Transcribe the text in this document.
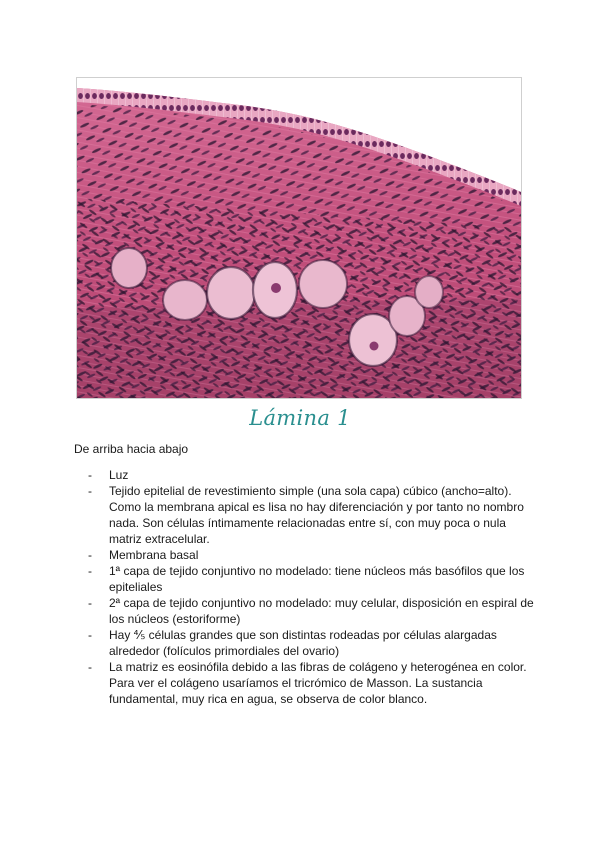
Lámina 1
De arriba hacia abajo
- Luz
- Tejido epitelial de revestimiento simple (una sola capa) cúbico (ancho=alto). Como la membrana apical es lisa no hay diferenciación y por tanto no nombro nada. Son células íntimamente relacionadas entre sí, con muy poca o nula matriz extracelular.
- Membrana basal
- 1ª capa de tejido conjuntivo no modelado: tiene núcleos más basófilos que los epiteliales
- 2ª capa de tejido conjuntivo no modelado: muy celular, disposición en espiral de los núcleos (estoriforme)
- Hay ⅘ células grandes que son distintas rodeadas por células alargadas alrededor (folículos primordiales del ovario)
- La matriz es eosinófila debido a las fibras de colágeno y heterogénea en color. Para ver el colágeno usaríamos el tricrómico de Masson. La sustancia fundamental, muy rica en agua, se observa de color blanco.
